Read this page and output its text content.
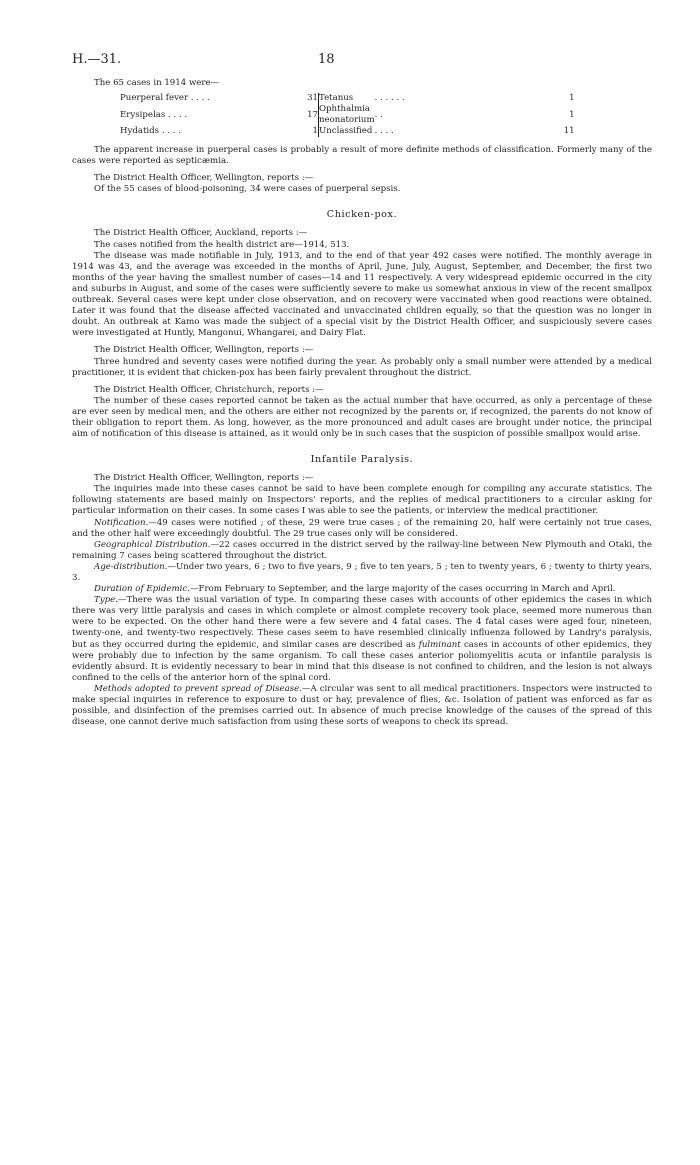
H.—31.	18

The 65 cases in 1914 were—

Puerperal fever . . . .	31	Tetanus	. . . . . .	1
Erysipelas . . . .	17	Ophthalmia neonatorium	. .	1
Hydatids . . . .	1	Unclassified	. . . .	11

The apparent increase in puerperal cases is probably a result of more definite methods of classification. Formerly many of the cases were reported as septicæmia.

The District Health Officer, Wellington, reports :—

Of the 55 cases of blood-poisoning, 34 were cases of puerperal sepsis.

Chicken-pox.

The District Health Officer, Auckland, reports :—

The cases notified from the health district are—1914, 513.

The disease was made notifiable in July, 1913, and to the end of that year 492 cases were notified. The monthly average in 1914 was 43, and the average was exceeded in the months of April, June, July, August, September, and December, the first two months of the year having the smallest number of cases—14 and 11 respectively. A very widespread epidemic occurred in the city and suburbs in August, and some of the cases were sufficiently severe to make us somewhat anxious in view of the recent smallpox outbreak. Several cases were kept under close observation, and on recovery were vaccinated when good reactions were obtained. Later it was found that the disease affected vaccinated and unvaccinated children equally, so that the question was no longer in doubt. An outbreak at Kamo was made the subject of a special visit by the District Health Officer, and suspiciously severe cases were investigated at Huntly, Mangonui, Whangarei, and Dairy Flat.

The District Health Officer, Wellington, reports :—

Three hundred and seventy cases were notified during the year. As probably only a small number were attended by a medical practitioner, it is evident that chicken-pox has been fairly prevalent throughout the district.

The District Health Officer, Christchurch, reports :—

The number of these cases reported cannot be taken as the actual number that have occurred, as only a percentage of these are ever seen by medical men, and the others are either not recognized by the parents or, if recognized, the parents do not know of their obligation to report them. As long, however, as the more pronounced and adult cases are brought under notice, the principal aim of notification of this disease is attained, as it would only be in such cases that the suspicion of possible smallpox would arise.

Infantile Paralysis.

The District Health Officer, Wellington, reports :—

The inquiries made into these cases cannot be said to have been complete enough for compiling any accurate statistics. The following statements are based mainly on Inspectors' reports, and the replies of medical practitioners to a circular asking for particular information on their cases. In some cases I was able to see the patients, or interview the medical practitioner.

Notification.—49 cases were notified ; of these, 29 were true cases ; of the remaining 20, half were certainly not true cases, and the other half were exceedingly doubtful. The 29 true cases only will be considered.

Geographical Distribution.—22 cases occurred in the district served by the railway-line between New Plymouth and Otaki, the remaining 7 cases being scattered throughout the district.

Age-distribution.—Under two years, 6 ; two to five years, 9 ; five to ten years, 5 ; ten to twenty years, 6 ; twenty to thirty years, 3.

Duration of Epidemic.—From February to September, and the large majority of the cases occurring in March and April.

Type.—There was the usual variation of type. In comparing these cases with accounts of other epidemics the cases in which there was very little paralysis and cases in which complete or almost complete recovery took place, seemed more numerous than were to be expected. On the other hand there were a few severe and 4 fatal cases. The 4 fatal cases were aged four, nineteen, twenty-one, and twenty-two respectively. These cases seem to have resembled clinically influenza followed by Landry's paralysis, but as they occurred during the epidemic, and similar cases are described as fulminant cases in accounts of other epidemics, they were probably due to infection by the same organism. To call these cases anterior poliomyelitis acuta or infantile paralysis is evidently absurd. It is evidently necessary to bear in mind that this disease is not confined to children, and the lesion is not always confined to the cells of the anterior horn of the spinal cord.

Methods adopted to prevent spread of Disease.—A circular was sent to all medical practitioners. Inspectors were instructed to make special inquiries in reference to exposure to dust or hay, prevalence of flies, &c. Isolation of patient was enforced as far as possible, and disinfection of the premises carried out. In absence of much precise knowledge of the causes of the spread of this disease, one cannot derive much satisfaction from using these sorts of weapons to check its spread.
